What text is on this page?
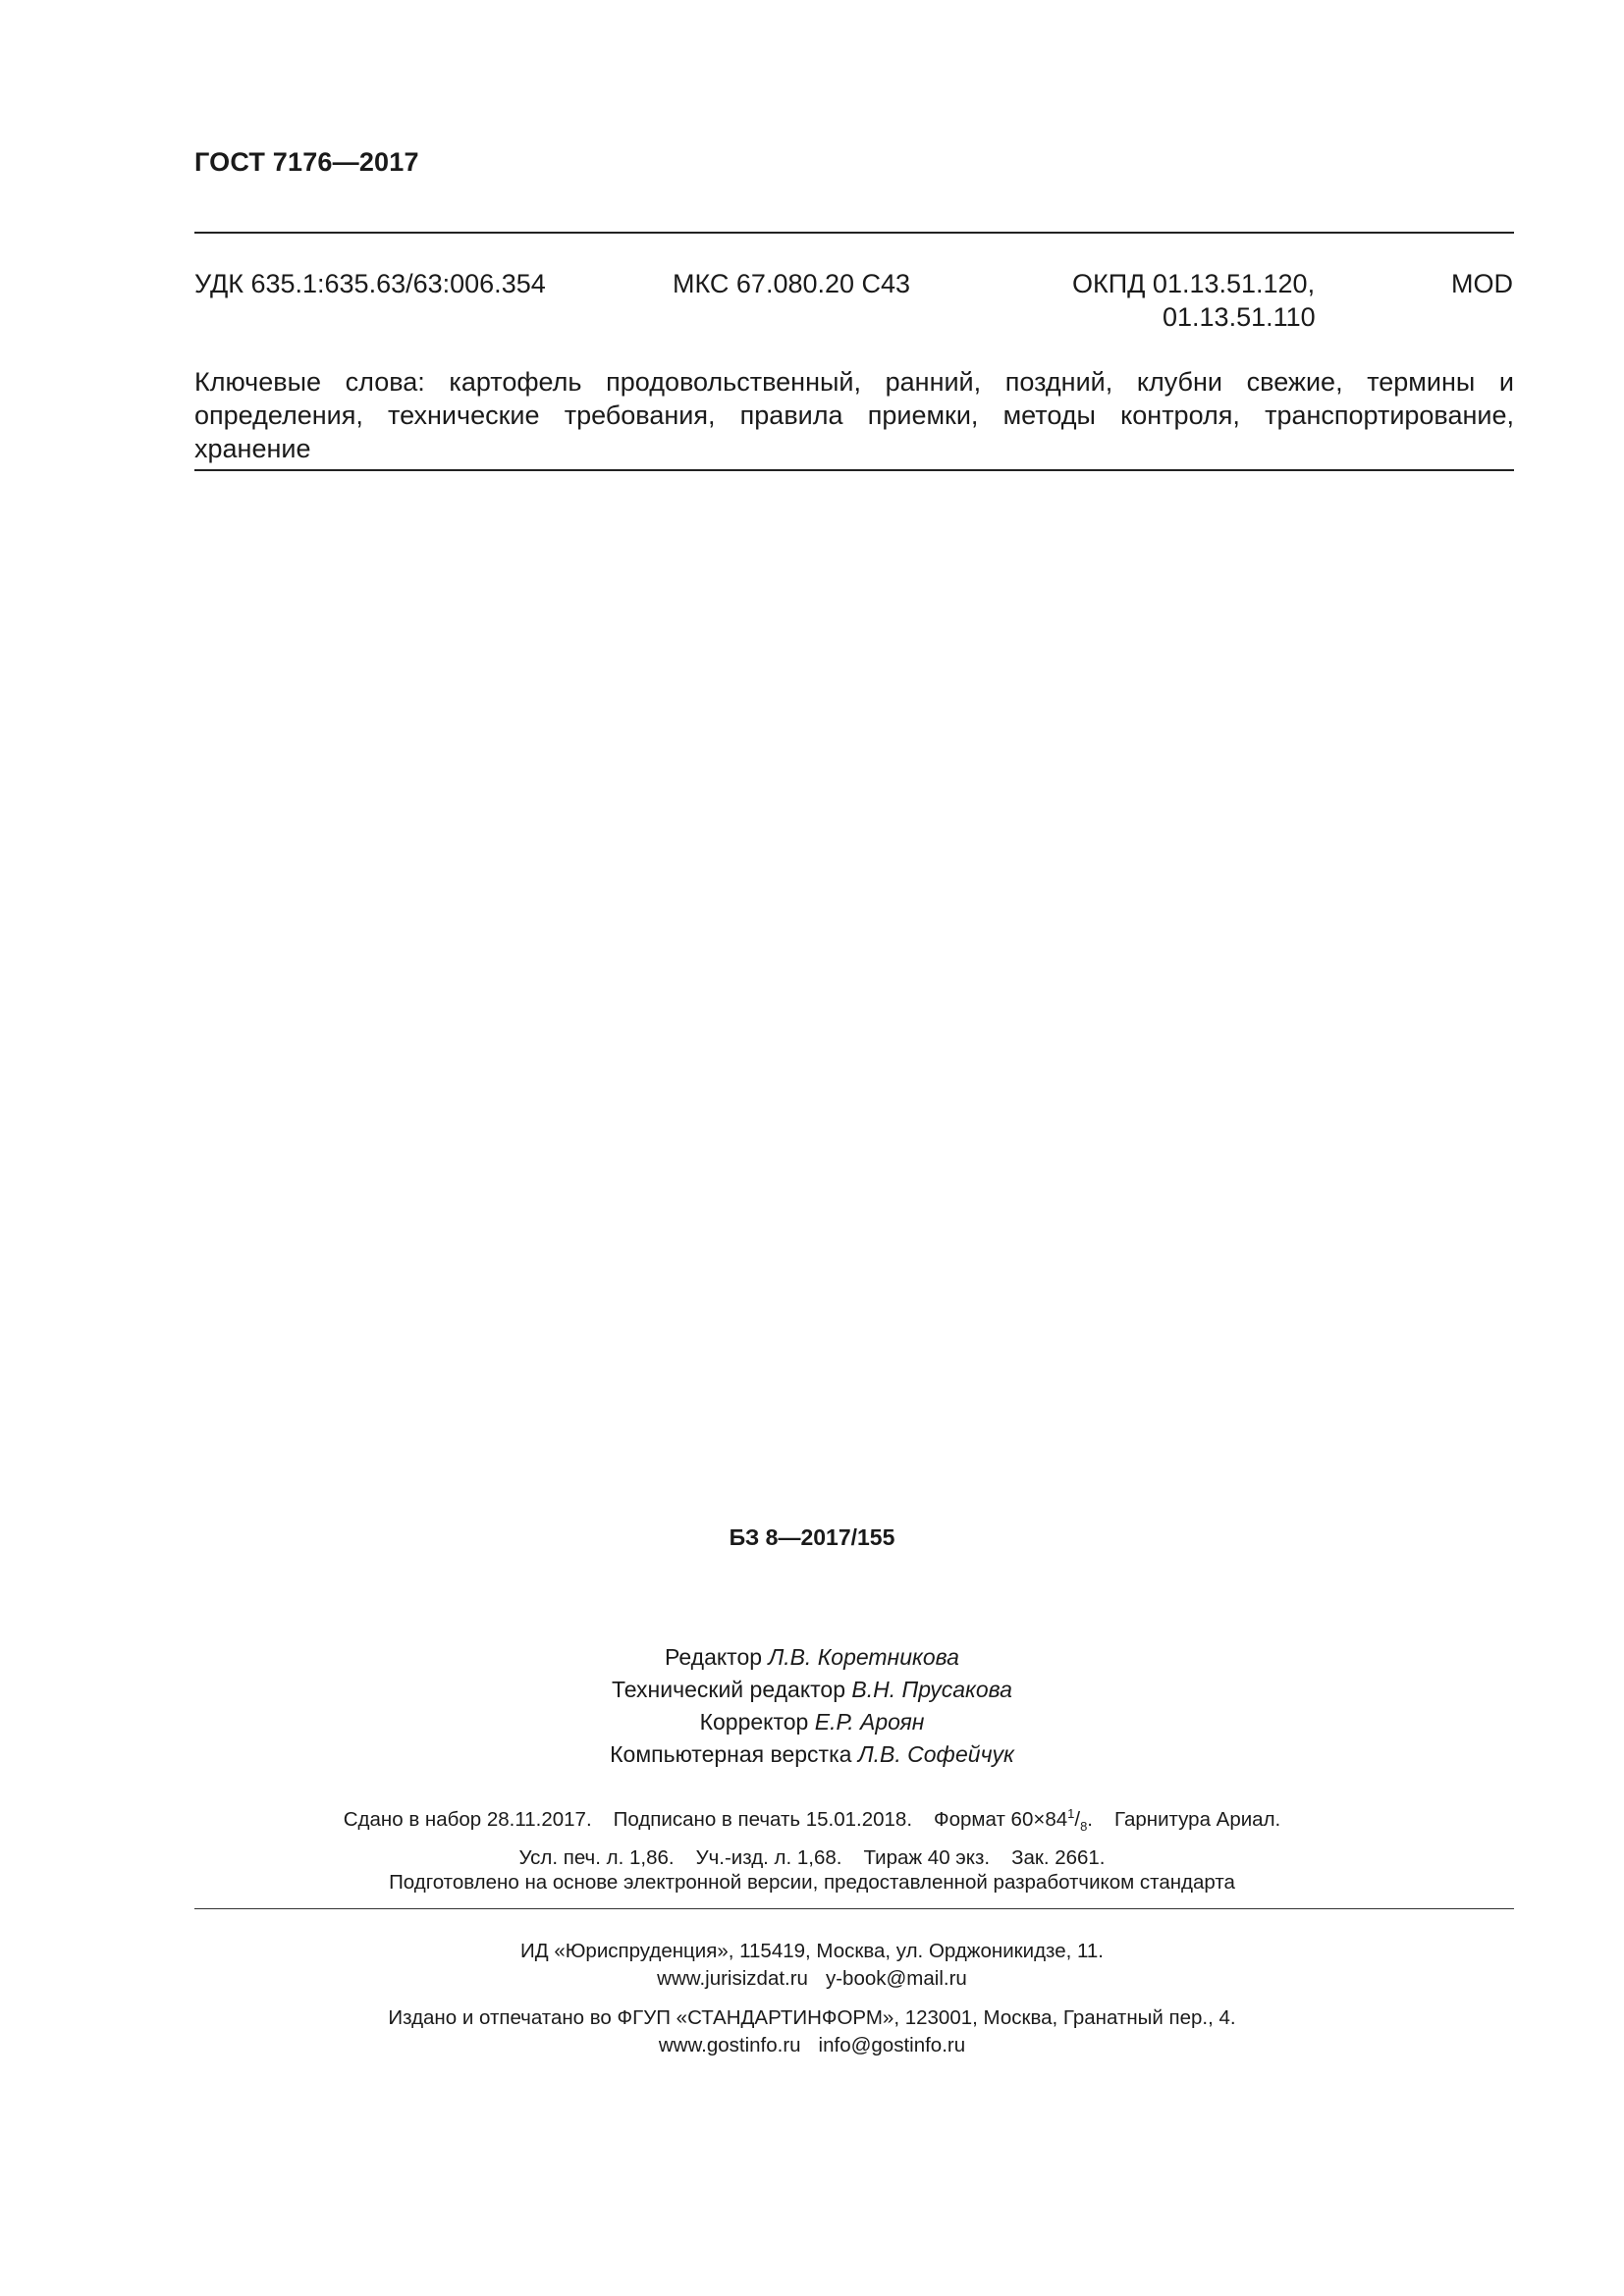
ГОСТ 7176—2017
УДК 635.1:635.63/63:006.354	МКС 67.080.20 С43	ОКПД 01.13.51.120,
01.13.51.110
MOD
Ключевые слова: картофель продовольственный, ранний, поздний, клубни свежие, термины и определения, технические требования, правила приемки, методы контроля, транспортирование, хранение
БЗ 8—2017/155
Редактор Л.В. Коретникова
Технический редактор В.Н. Прусакова
Корректор Е.Р. Ароян
Компьютерная верстка Л.В. Софейчук
Сдано в набор 28.11.2017. Подписано в печать 15.01.2018. Формат $60\times 84^1/_8$. Гарнитура Ариал.
Усл. печ. л. 1,86. Уч.-изд. л. 1,68. Тираж 40 экз. Зак. 2661.
Подготовлено на основе электронной версии, предоставленной разработчиком стандарта
ИД «Юриспруденция», 115419, Москва, ул. Орджоникидзе, 11.
www.jurisizdat.ru y-book@mail.ru
Издано и отпечатано во ФГУП «СТАНДАРТИНФОРМ», 123001, Москва, Гранатный пер., 4.
www.gostinfo.ru info@gostinfo.ru
